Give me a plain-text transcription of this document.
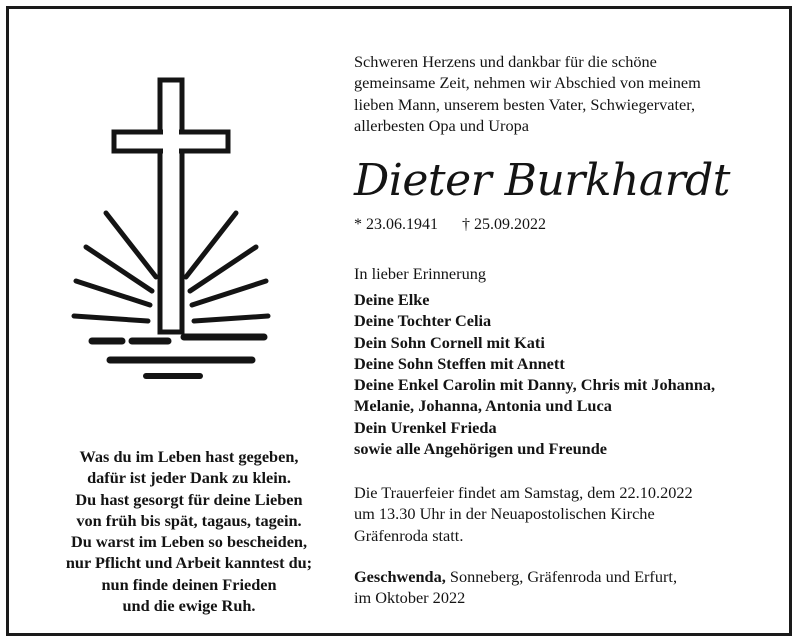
Was du im Leben hast gegeben,
dafür ist jeder Dank zu klein.
Du hast gesorgt für deine Lieben
von früh bis spät, tagaus, tagein.
Du warst im Leben so bescheiden,
nur Pflicht und Arbeit kanntest du;
nun finde deinen Frieden
und die ewige Ruh.
Schweren Herzens und dankbar für die schöne
gemeinsame Zeit, nehmen wir Abschied von meinem
lieben Mann, unserem besten Vater, Schwiegervater,
allerbesten Opa und Uropa
Dieter Burkhardt
* 23.06.1941 † 25.09.2022
In lieber Erinnerung
Deine Elke
Deine Tochter Celia
Dein Sohn Cornell mit Kati
Deine Sohn Steffen mit Annett
Deine Enkel Carolin mit Danny, Chris mit Johanna,
Melanie, Johanna, Antonia und Luca
Dein Urenkel Frieda
sowie alle Angehörigen und Freunde
Die Trauerfeier findet am Samstag, dem 22.10.2022
um 13.30 Uhr in der Neuapostolischen Kirche
Gräfenroda statt.
Geschwenda, Sonneberg, Gräfenroda und Erfurt,
im Oktober 2022
